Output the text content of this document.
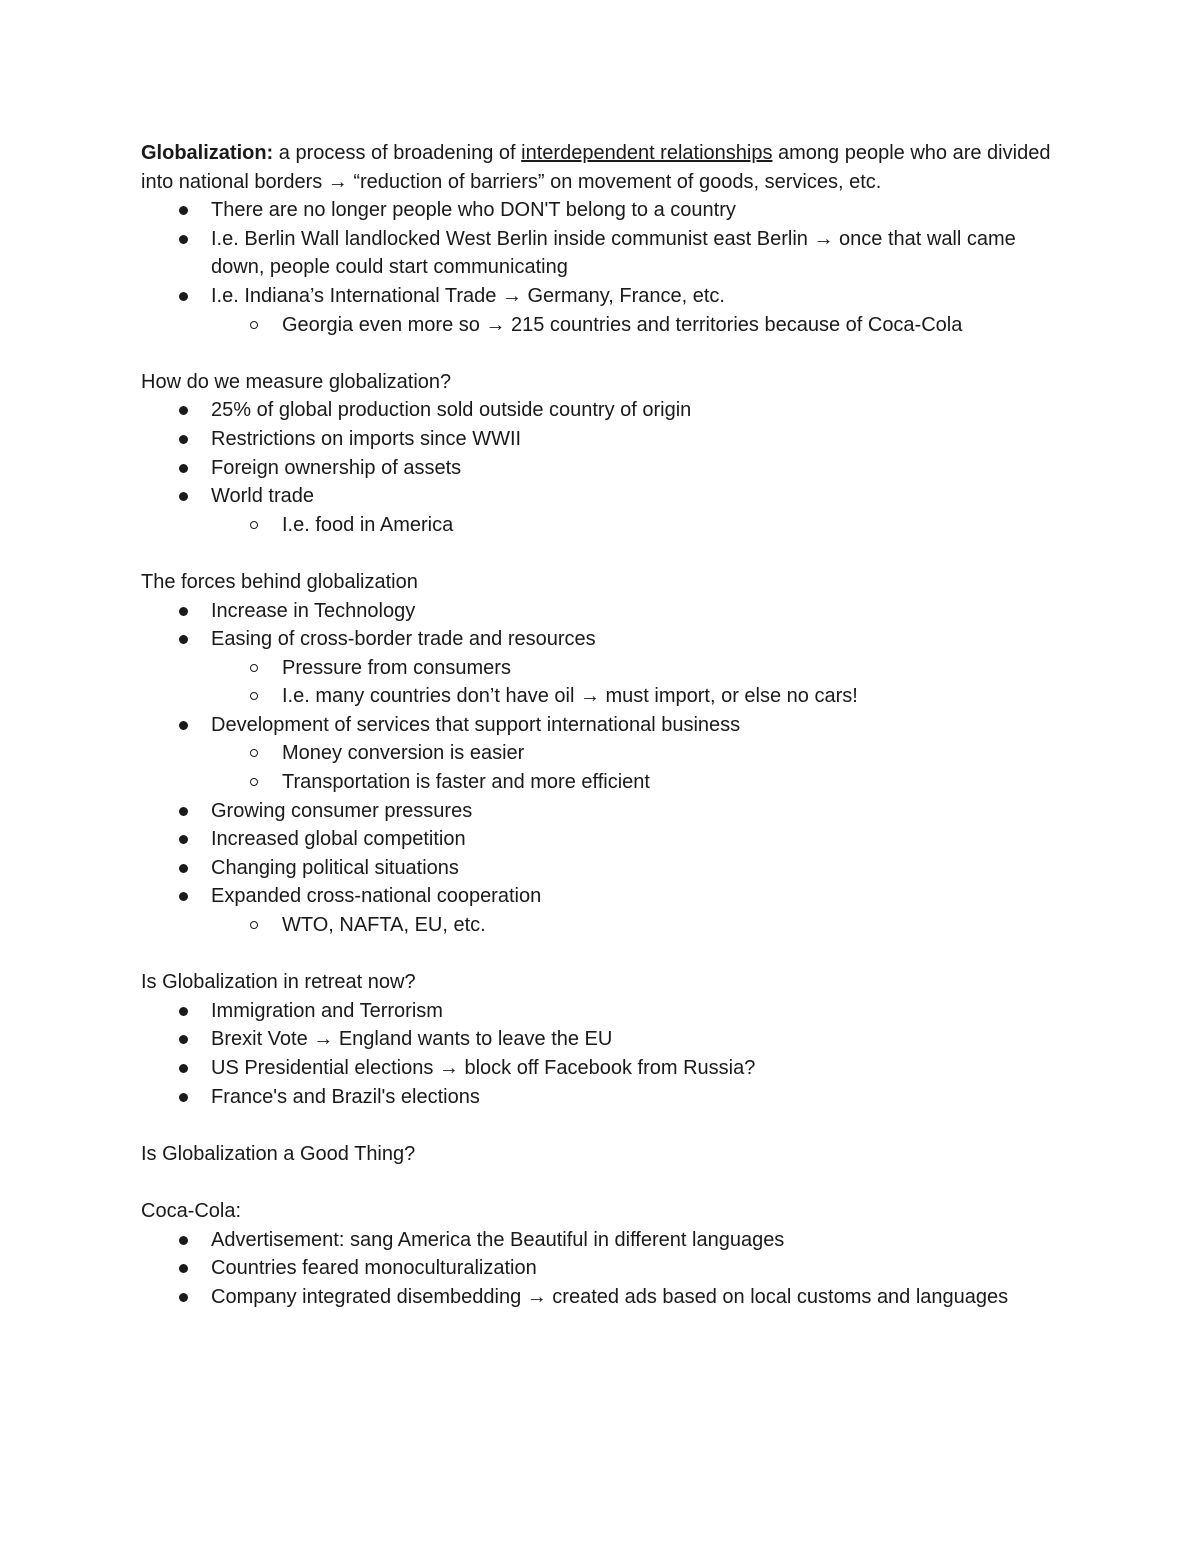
Globalization: a process of broadening of interdependent relationships among people who are divided into national borders → “reduction of barriers” on movement of goods, services, etc.

There are no longer people who DON'T belong to a country
I.e. Berlin Wall landlocked West Berlin inside communist east Berlin → once that wall came down, people could start communicating
I.e. Indiana’s International Trade → Germany, France, etc.
Georgia even more so → 215 countries and territories because of Coca-Cola

How do we measure globalization?

25% of global production sold outside country of origin
Restrictions on imports since WWII
Foreign ownership of assets
World trade
I.e. food in America

The forces behind globalization

Increase in Technology
Easing of cross-border trade and resources
Pressure from consumers
I.e. many countries don’t have oil → must import, or else no cars!
Development of services that support international business
Money conversion is easier
Transportation is faster and more efficient
Growing consumer pressures
Increased global competition
Changing political situations
Expanded cross-national cooperation
WTO, NAFTA, EU, etc.

Is Globalization in retreat now?

Immigration and Terrorism
Brexit Vote → England wants to leave the EU
US Presidential elections → block off Facebook from Russia?
France's and Brazil's elections

Is Globalization a Good Thing?

Coca-Cola:

Advertisement: sang America the Beautiful in different languages
Countries feared monoculturalization
Company integrated disembedding → created ads based on local customs and languages
